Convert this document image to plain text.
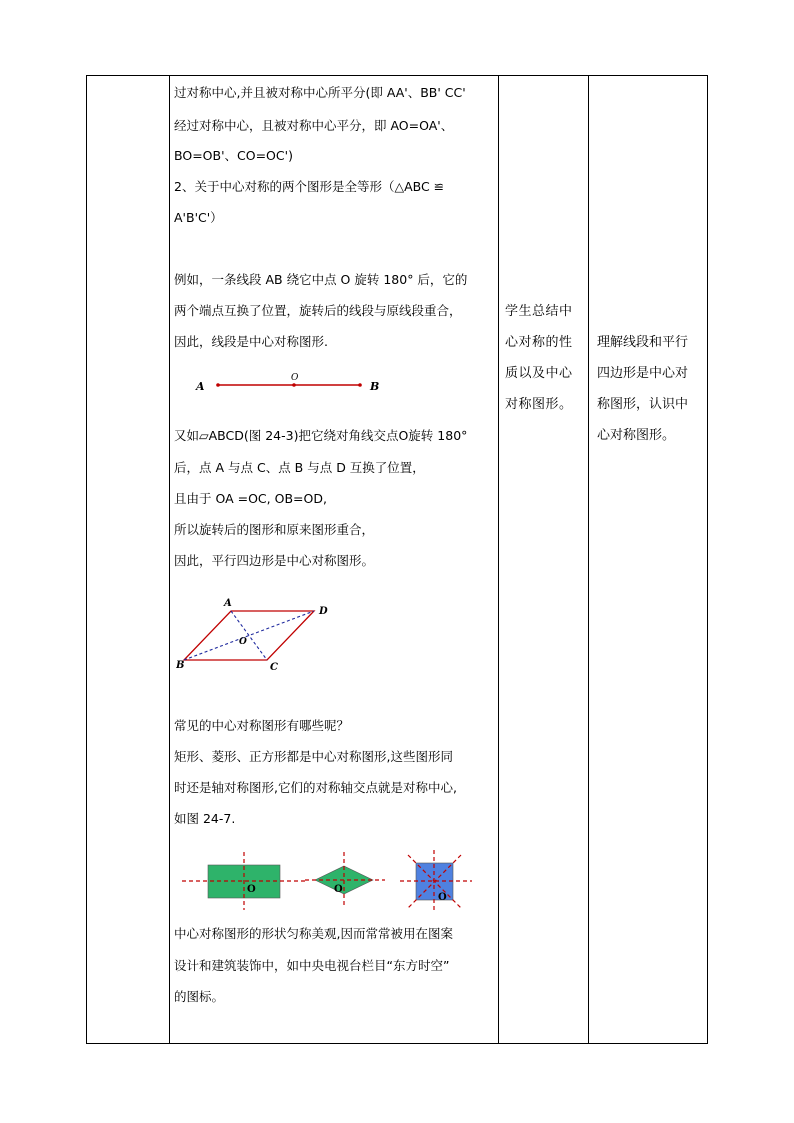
过对称中心,并且被对称中心所平分(即 AA'、BB' CC'
经过对称中心，且被对称中心平分，即 AO=OA'、
BO=OB'、CO=OC')
2、关于中心对称的两个图形是全等形（△ABC ≌
A'B'C'）
例如，一条线段 AB 绕它中点 O 旋转 180° 后，它的
两个端点互换了位置，旋转后的线段与原线段重合，
因此，线段是中心对称图形.
A
O
B
又如▱ABCD(图 24-3)把它绕对角线交点O旋转 180°
后，点 A 与点 C、点 B 与点 D 互换了位置，
且由于 OA =OC, OB=OD,
所以旋转后的图形和原来图形重合，
因此，平行四边形是中心对称图形。
A
D
B	C
O
常见的中心对称图形有哪些呢？
矩形、菱形、正方形都是中心对称图形,这些图形同
时还是轴对称图形,它们的对称轴交点就是对称中心,
如图 24-7.
O	O
O
中心对称图形的形状匀称美观,因而常常被用在图案
设计和建筑装饰中，如中央电视台栏目“东方时空”
的图标。

学生总结中
心对称的性
质以及中心
对称图形。

理解线段和平行
四边形是中心对
称图形，认识中
心对称图形。
